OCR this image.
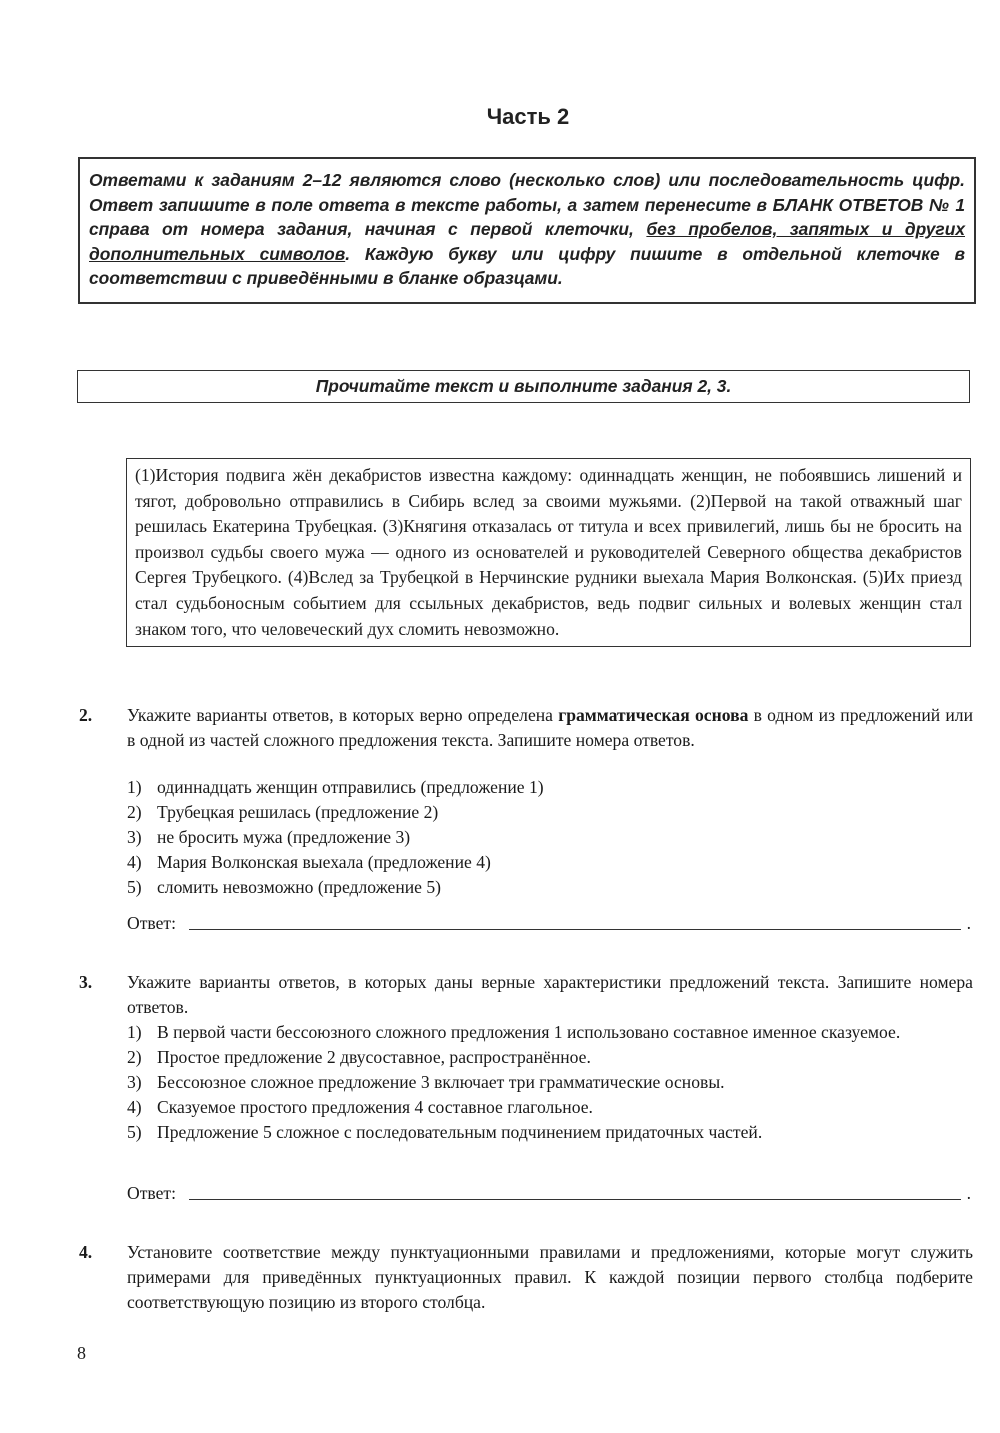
Часть 2
Ответами к заданиям 2–12 являются слово (несколько слов) или последовательность цифр. Ответ запишите в поле ответа в тексте работы, а затем перенесите в БЛАНК ОТВЕТОВ № 1 справа от номера задания, начиная с первой клеточки, без пробелов, запятых и других дополнительных символов. Каждую букву или цифру пишите в отдельной клеточке в соответствии с приведёнными в бланке образцами.
Прочитайте текст и выполните задания 2, 3.
(1)История подвига жён декабристов известна каждому: одиннадцать женщин, не побоявшись лишений и тягот, добровольно отправились в Сибирь вслед за своими мужьями. (2)Первой на такой отважный шаг решилась Екатерина Трубецкая. (3)Княгиня отказалась от титула и всех привилегий, лишь бы не бросить на произвол судьбы своего мужа — одного из основателей и руководителей Северного общества декабристов Сергея Трубецкого. (4)Вслед за Трубецкой в Нерчинские рудники выехала Мария Волконская. (5)Их приезд стал судьбоносным событием для ссыльных декабристов, ведь подвиг сильных и волевых женщин стал знаком того, что человеческий дух сломить невозможно.
2. Укажите варианты ответов, в которых верно определена грамматическая основа в одном из предложений или в одной из частей сложного предложения текста. Запишите номера ответов.
1) одиннадцать женщин отправились (предложение 1)
2) Трубецкая решилась (предложение 2)
3) не бросить мужа (предложение 3)
4) Мария Волконская выехала (предложение 4)
5) сломить невозможно (предложение 5)
Ответ:	.
3. Укажите варианты ответов, в которых даны верные характеристики предложений текста. Запишите номера ответов.
1) В первой части бессоюзного сложного предложения 1 использовано составное именное сказуемое.
2) Простое предложение 2 двусоставное, распространённое.
3) Бессоюзное сложное предложение 3 включает три грамматические основы.
4) Сказуемое простого предложения 4 составное глагольное.
5) Предложение 5 сложное с последовательным подчинением придаточных частей.
Ответ:	.
4. Установите соответствие между пунктуационными правилами и предложениями, которые могут служить примерами для приведённых пунктуационных правил. К каждой позиции первого столбца подберите соответствующую позицию из второго столбца.
8
